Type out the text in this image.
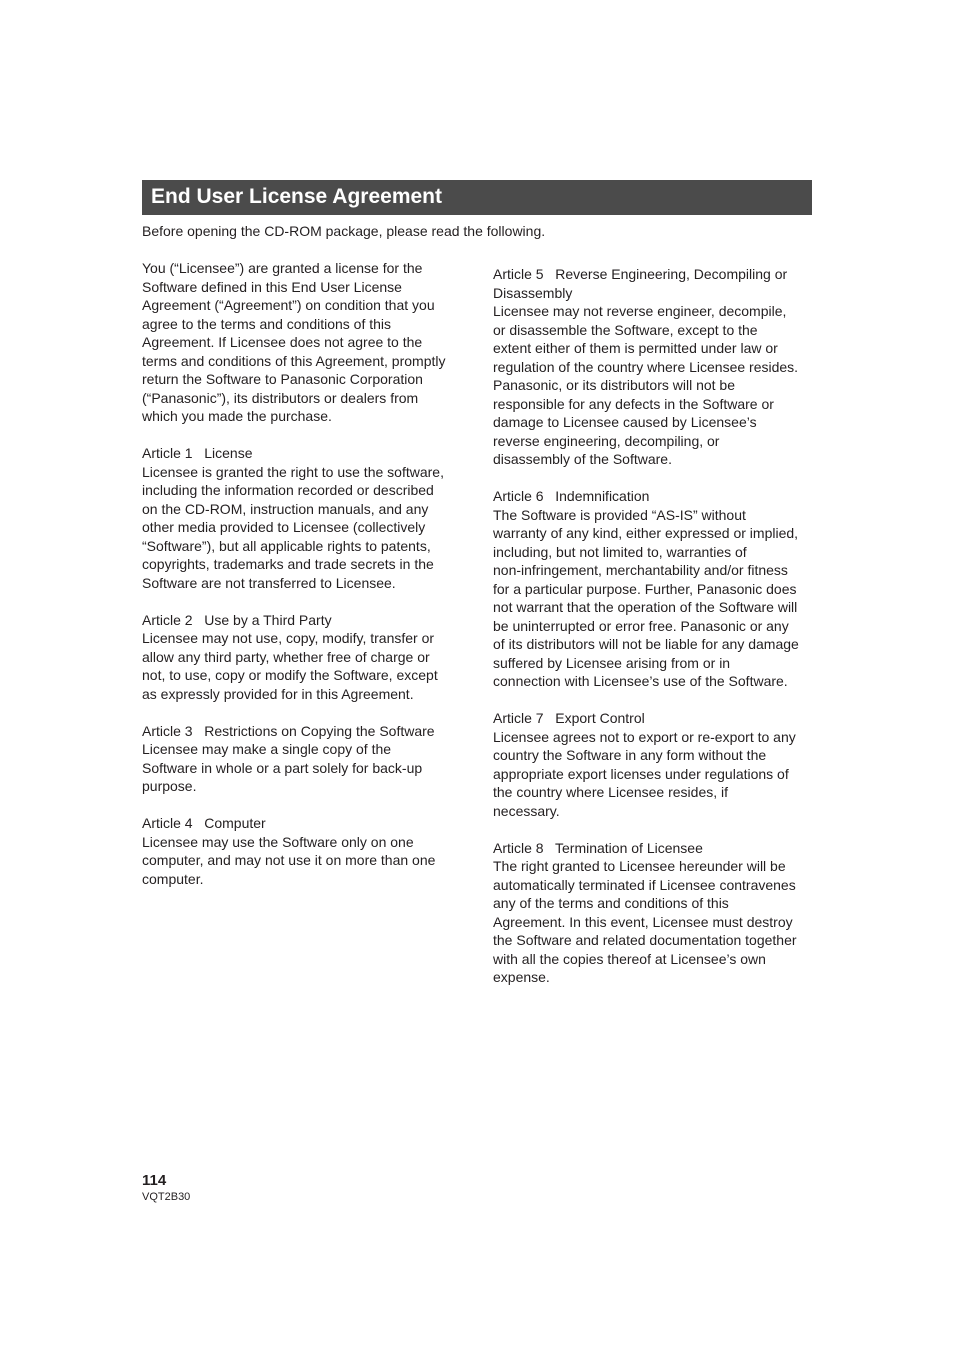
End User License Agreement
Before opening the CD-ROM package, please read the following.

You (“Licensee”) are granted a license for the
Software defined in this End User License
Agreement (“Agreement”) on condition that you
agree to the terms and conditions of this
Agreement. If Licensee does not agree to the
terms and conditions of this Agreement, promptly
return the Software to Panasonic Corporation
(“Panasonic”), its distributors or dealers from
which you made the purchase.

Article 1 License
Licensee is granted the right to use the software,
including the information recorded or described
on the CD-ROM, instruction manuals, and any
other media provided to Licensee (collectively
“Software”), but all applicable rights to patents,
copyrights, trademarks and trade secrets in the
Software are not transferred to Licensee.
Article 2 Use by a Third Party
Licensee may not use, copy, modify, transfer or
allow any third party, whether free of charge or
not, to use, copy or modify the Software, except
as expressly provided for in this Agreement.
Article 3 Restrictions on Copying the Software
Licensee may make a single copy of the
Software in whole or a part solely for back-up
purpose.
Article 4 Computer
Licensee may use the Software only on one
computer, and may not use it on more than one
computer.
Article 5 Reverse Engineering, Decompiling or
Disassembly
Licensee may not reverse engineer, decompile,
or disassemble the Software, except to the
extent either of them is permitted under law or
regulation of the country where Licensee resides.
Panasonic, or its distributors will not be
responsible for any defects in the Software or
damage to Licensee caused by Licensee’s
reverse engineering, decompiling, or
disassembly of the Software.
Article 6 Indemnification
The Software is provided “AS-IS” without
warranty of any kind, either expressed or implied,
including, but not limited to, warranties of
non-infringement, merchantability and/or fitness
for a particular purpose. Further, Panasonic does
not warrant that the operation of the Software will
be uninterrupted or error free. Panasonic or any
of its distributors will not be liable for any damage
suffered by Licensee arising from or in
connection with Licensee’s use of the Software.
Article 7 Export Control
Licensee agrees not to export or re-export to any
country the Software in any form without the
appropriate export licenses under regulations of
the country where Licensee resides, if
necessary.
Article 8 Termination of Licensee
The right granted to Licensee hereunder will be
automatically terminated if Licensee contravenes
any of the terms and conditions of this
Agreement. In this event, Licensee must destroy
the Software and related documentation together
with all the copies thereof at Licensee’s own
expense.
114
VQT2B30
